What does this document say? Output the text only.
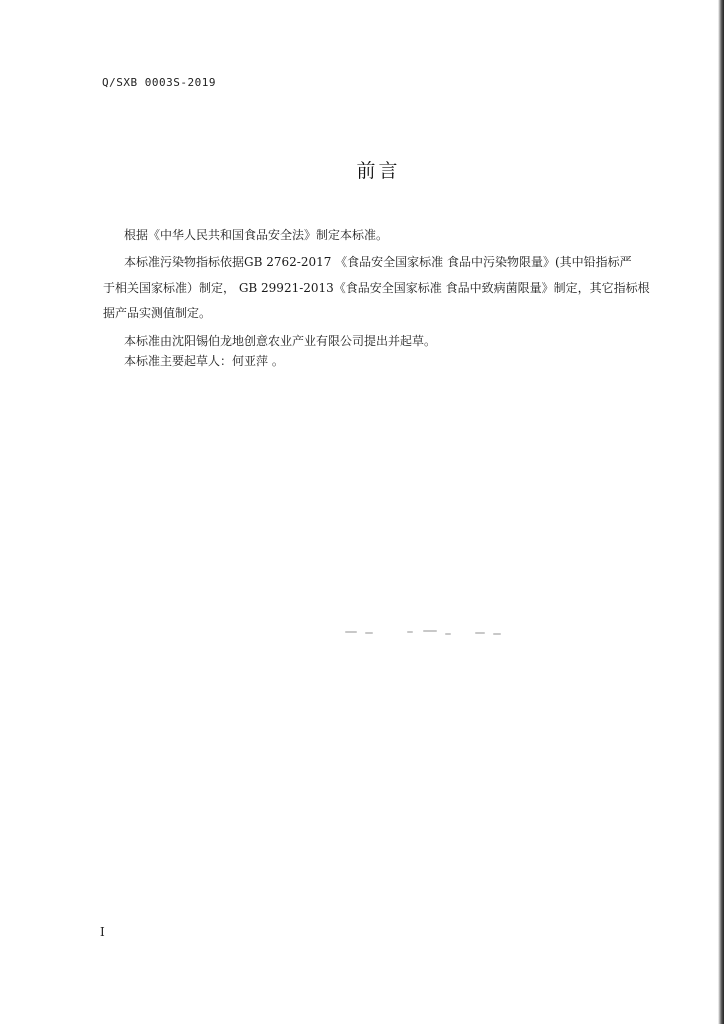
Q/SXB 0003S-2019
前言
根据《中华人民共和国食品安全法》制定本标准。
本标准污染物指标依据GB 2762-2017 《食品安全国家标准 食品中污染物限量》(其中铅指标严
于相关国家标准）制定， GB 29921-2013《食品安全国家标准 食品中致病菌限量》制定，其它指标根
据产品实测值制定。
本标准由沈阳锡伯龙地创意农业产业有限公司提出并起草。
本标准主要起草人：何亚萍 。
I
